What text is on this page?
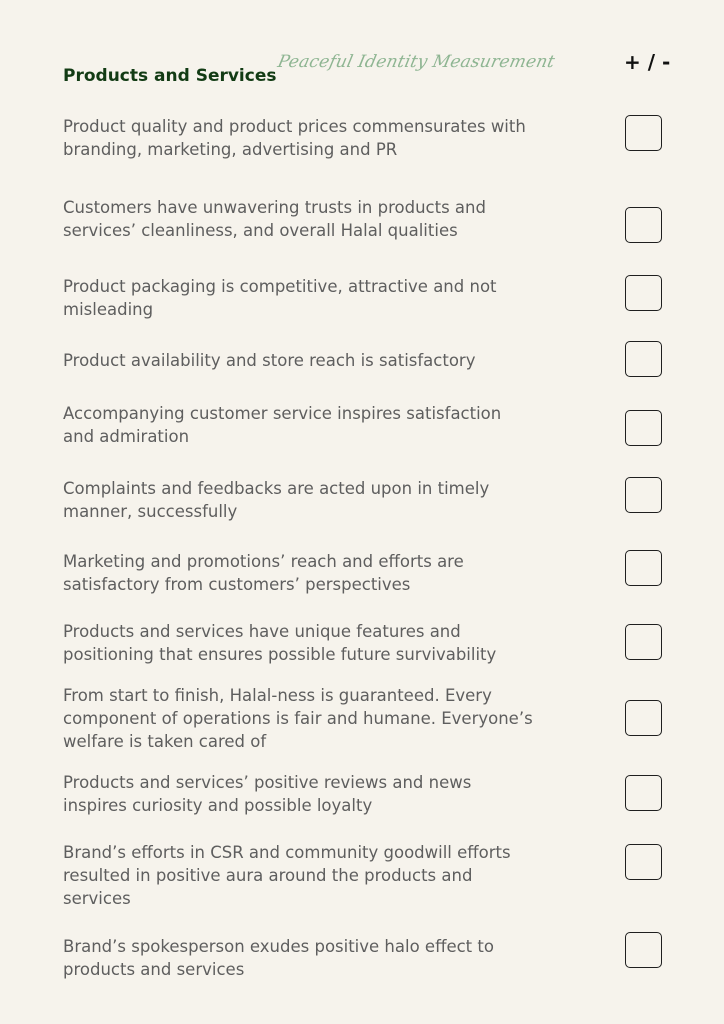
Products and Services
Peaceful Identity Measurement	+ / -
Product quality and product prices commensurates with branding, marketing, advertising and PR
Customers have unwavering trusts in products and services’ cleanliness, and overall Halal qualities
Product packaging is competitive, attractive and not misleading
Product availability and store reach is satisfactory
Accompanying customer service inspires satisfaction and admiration
Complaints and feedbacks are acted upon in timely manner, successfully
Marketing and promotions’ reach and efforts are satisfactory from customers’ perspectives
Products and services have unique features and positioning that ensures possible future survivability
From start to finish, Halal-ness is guaranteed. Every component of operations is fair and humane. Everyone’s welfare is taken cared of
Products and services’ positive reviews and news inspires curiosity and possible loyalty
Brand’s efforts in CSR and community goodwill efforts resulted in positive aura around the products and services
Brand’s spokesperson exudes positive halo effect to products and services
